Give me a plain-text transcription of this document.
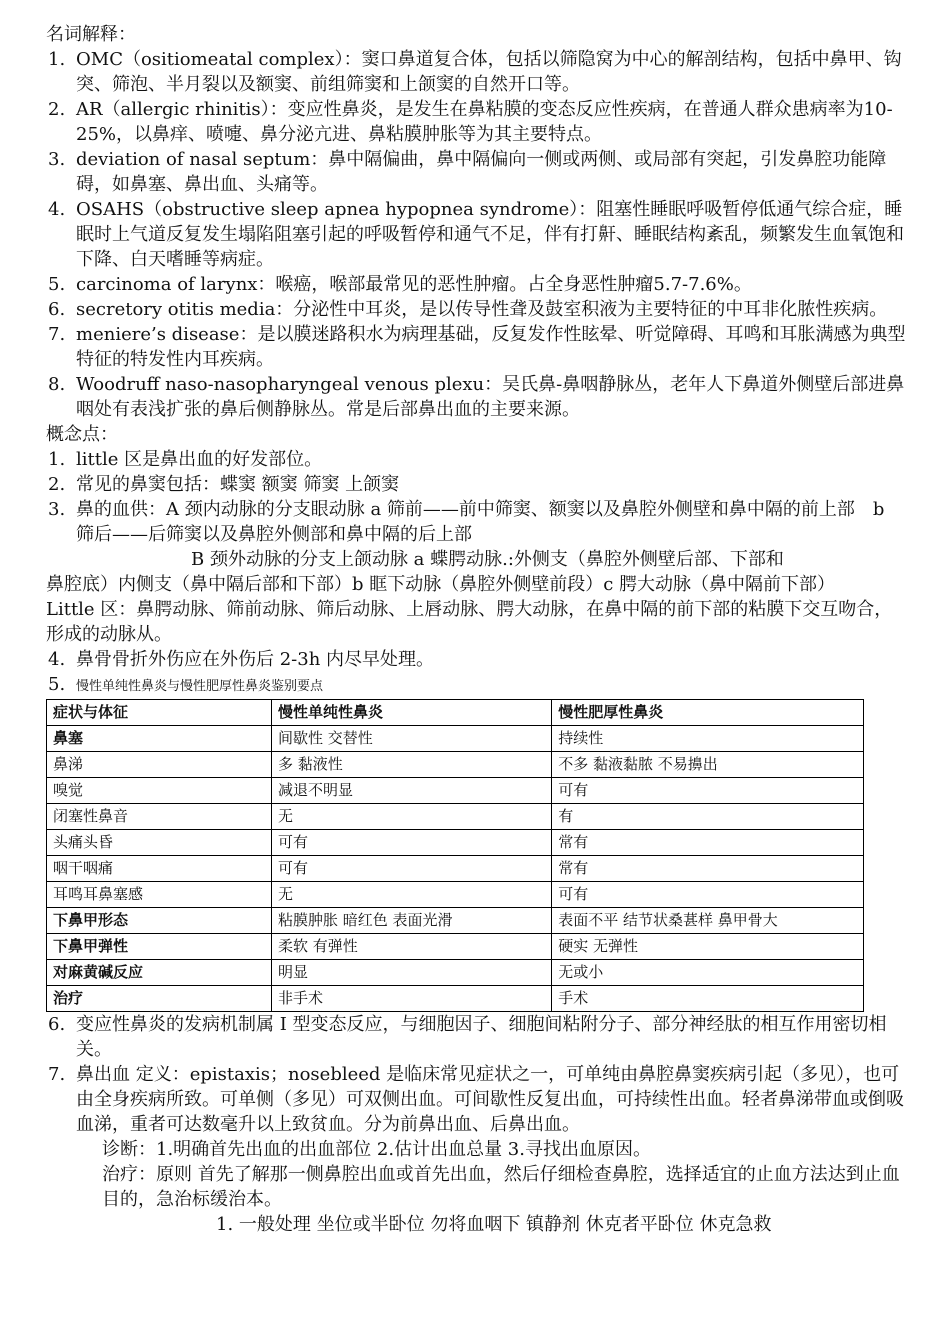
名词解释：

1. OMC（ositiomeatal complex）：窦口鼻道复合体，包括以筛隐窝为中心的解剖结构，包括中鼻甲、钩突、筛泡、半月裂以及额窦、前组筛窦和上颌窦的自然开口等。
2. AR（allergic rhinitis）：变应性鼻炎，是发生在鼻粘膜的变态反应性疾病，在普通人群众患病率为10-25%，以鼻痒、喷嚏、鼻分泌亢进、鼻粘膜肿胀等为其主要特点。
3. deviation of nasal septum：鼻中隔偏曲，鼻中隔偏向一侧或两侧、或局部有突起，引发鼻腔功能障碍，如鼻塞、鼻出血、头痛等。
4. OSAHS（obstructive sleep apnea hypopnea syndrome）：阻塞性睡眠呼吸暂停低通气综合症，睡眠时上气道反复发生塌陷阻塞引起的呼吸暂停和通气不足，伴有打鼾、睡眠结构紊乱，频繁发生血氧饱和下降、白天嗜睡等病症。
5. carcinoma of larynx：喉癌，喉部最常见的恶性肿瘤。占全身恶性肿瘤5.7-7.6%。
6. secretory otitis media：分泌性中耳炎，是以传导性聋及鼓室积液为主要特征的中耳非化脓性疾病。
7. meniere’s disease：是以膜迷路积水为病理基础，反复发作性眩晕、听觉障碍、耳鸣和耳胀满感为典型特征的特发性内耳疾病。
8. Woodruff naso-nasopharyngeal venous plexu：吴氏鼻-鼻咽静脉丛，老年人下鼻道外侧壁后部进鼻咽处有表浅扩张的鼻后侧静脉丛。常是后部鼻出血的主要来源。

概念点：

1. little 区是鼻出血的好发部位。
2. 常见的鼻窦包括：蝶窦 额窦 筛窦 上颌窦
3. 鼻的血供：A 颈内动脉的分支眼动脉 a 筛前——前中筛窦、额窦以及鼻腔外侧壁和鼻中隔的前上部　b 筛后——后筛窦以及鼻腔外侧部和鼻中隔的后上部

B 颈外动脉的分支上颌动脉 a 蝶腭动脉.:外侧支（鼻腔外侧壁后部、下部和

鼻腔底）内侧支（鼻中隔后部和下部）b 眶下动脉（鼻腔外侧壁前段）c 腭大动脉（鼻中隔前下部）

Little 区：鼻腭动脉、筛前动脉、筛后动脉、上唇动脉、腭大动脉，在鼻中隔的前下部的粘膜下交互吻合，形成的动脉从。

4. 鼻骨骨折外伤应在外伤后 2-3h 内尽早处理。
5. 慢性单纯性鼻炎与慢性肥厚性鼻炎鉴别要点
症状与体征	慢性单纯性鼻炎	慢性肥厚性鼻炎
鼻塞	间歇性 交替性	持续性
鼻涕	多 黏液性	不多 黏液黏脓 不易擤出
嗅觉	减退不明显	可有
闭塞性鼻音	无	有
头痛头昏	可有	常有
咽干咽痛	可有	常有
耳鸣耳鼻塞感	无	可有
下鼻甲形态	粘膜肿胀 暗红色 表面光滑	表面不平 结节状桑葚样 鼻甲骨大
下鼻甲弹性	柔软 有弹性	硬实 无弹性
对麻黄碱反应	明显	无或小
治疗	非手术	手术
6. 变应性鼻炎的发病机制属 I 型变态反应，与细胞因子、细胞间粘附分子、部分神经肽的相互作用密切相关。
7. 鼻出血 定义：epistaxis；nosebleed 是临床常见症状之一，可单纯由鼻腔鼻窦疾病引起（多见），也可由全身疾病所致。可单侧（多见）可双侧出血。可间歇性反复出血，可持续性出血。轻者鼻涕带血或倒吸血涕，重者可达数毫升以上致贫血。分为前鼻出血、后鼻出血。

诊断：1.明确首先出血的出血部位 2.估计出血总量 3.寻找出血原因。

治疗：原则 首先了解那一侧鼻腔出血或首先出血，然后仔细检查鼻腔，选择适宜的止血方法达到止血目的，急治标缓治本。

1. 一般处理 坐位或半卧位 勿将血咽下 镇静剂 休克者平卧位 休克急救
